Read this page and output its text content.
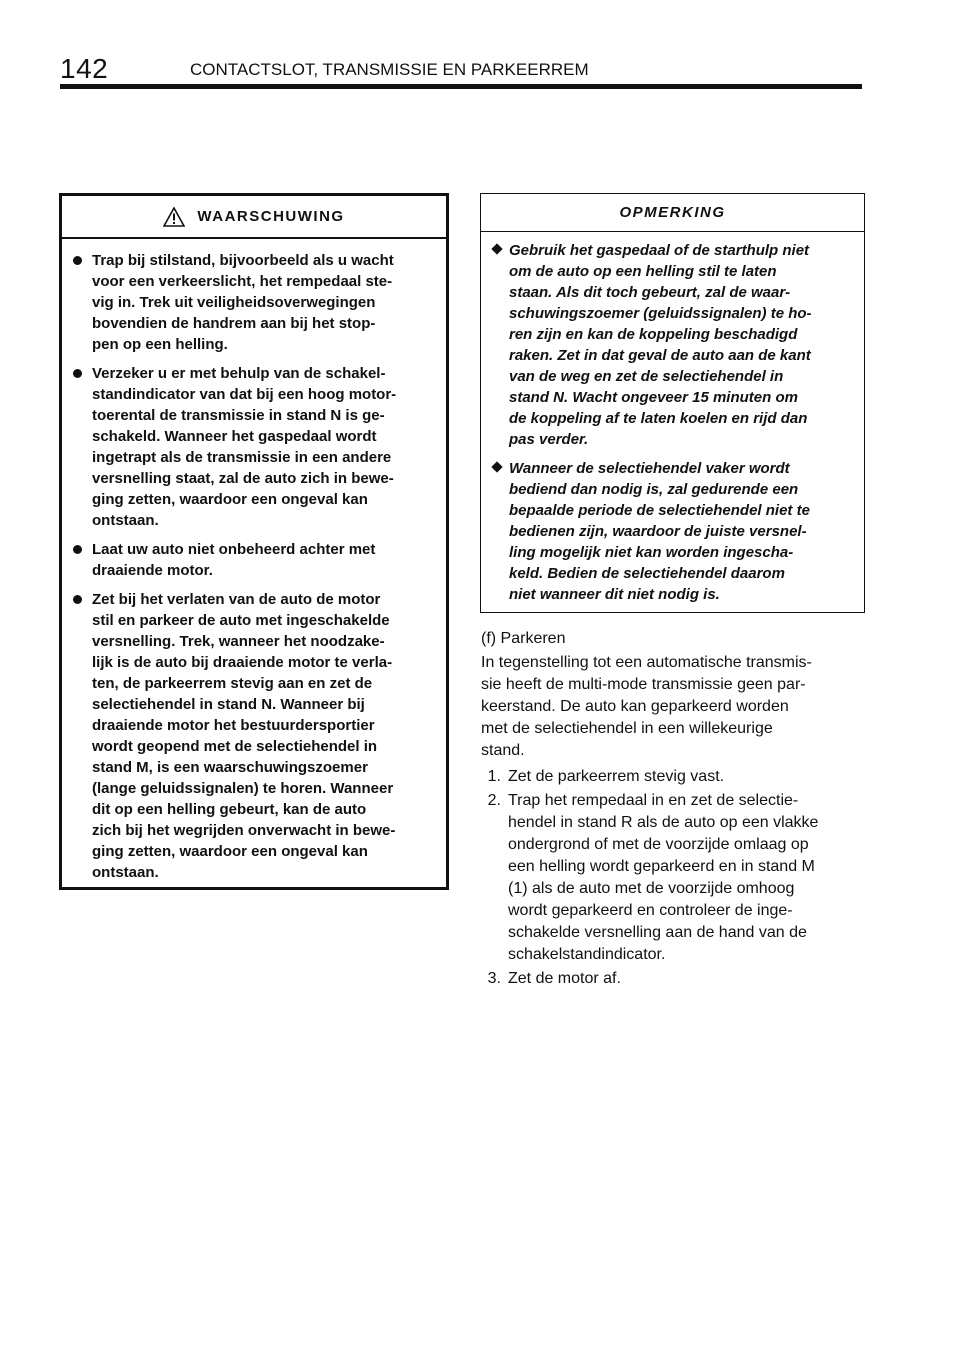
142	CONTACTSLOT, TRANSMISSIE EN PARKEERREM
WAARSCHUWING
Trap bij stilstand, bijvoorbeeld als u wacht
voor een verkeerslicht, het rempedaal ste-
vig in. Trek uit veiligheidsoverwegingen
bovendien de handrem aan bij het stop-
pen op een helling.
Verzeker u er met behulp van de schakel-
standindicator van dat bij een hoog motor-
toerental de transmissie in stand N is ge-
schakeld. Wanneer het gaspedaal wordt
ingetrapt als de transmissie in een andere
versnelling staat, zal de auto zich in bewe-
ging zetten, waardoor een ongeval kan
ontstaan.
Laat uw auto niet onbeheerd achter met
draaiende motor.
Zet bij het verlaten van de auto de motor
stil en parkeer de auto met ingeschakelde
versnelling. Trek, wanneer het noodzake-
lijk is de auto bij draaiende motor te verla-
ten, de parkeerrem stevig aan en zet de
selectiehendel in stand N. Wanneer bij
draaiende motor het bestuurdersportier
wordt geopend met de selectiehendel in
stand M, is een waarschuwingszoemer
(lange geluidssignalen) te horen. Wanneer
dit op een helling gebeurt, kan de auto
zich bij het wegrijden onverwacht in bewe-
ging zetten, waardoor een ongeval kan
ontstaan.
OPMERKING
Gebruik het gaspedaal of de starthulp niet
om de auto op een helling stil te laten
staan. Als dit toch gebeurt, zal de waar-
schuwingszoemer (geluidssignalen) te ho-
ren zijn en kan de koppeling beschadigd
raken. Zet in dat geval de auto aan de kant
van de weg en zet de selectiehendel in
stand N. Wacht ongeveer 15 minuten om
de koppeling af te laten koelen en rijd dan
pas verder.
Wanneer de selectiehendel vaker wordt
bediend dan nodig is, zal gedurende een
bepaalde periode de selectiehendel niet te
bedienen zijn, waardoor de juiste versnel-
ling mogelijk niet kan worden ingescha-
keld. Bedien de selectiehendel daarom
niet wanneer dit niet nodig is.

(f) Parkeren

In tegenstelling tot een automatische transmis-
sie heeft de multi-mode transmissie geen par-
keerstand. De auto kan geparkeerd worden
met de selectiehendel in een willekeurige
stand.

1. Zet de parkeerrem stevig vast.
2. Trap het rempedaal in en zet de selectie-
hendel in stand R als de auto op een vlakke
ondergrond of met de voorzijde omlaag op
een helling wordt geparkeerd en in stand M
(1) als de auto met de voorzijde omhoog
wordt geparkeerd en controleer de inge-
schakelde versnelling aan de hand van de
schakelstandindicator.
3. Zet de motor af.
